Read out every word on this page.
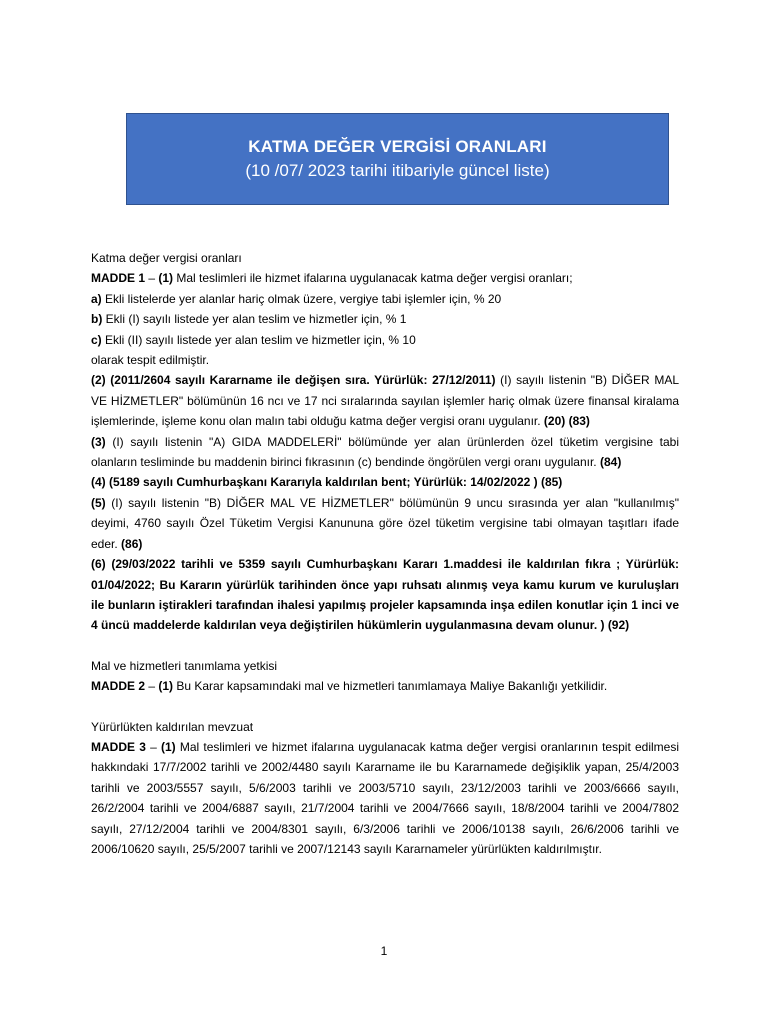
KATMA DEĞER VERGİSİ ORANLARI
(10 /07/ 2023 tarihi itibariyle güncel liste)

Katma değer vergisi oranları

MADDE 1 – (1) Mal teslimleri ile hizmet ifalarına uygulanacak katma değer vergisi oranları;

a) Ekli listelerde yer alanlar hariç olmak üzere, vergiye tabi işlemler için, % 20

b) Ekli (I) sayılı listede yer alan teslim ve hizmetler için, % 1

c) Ekli (II) sayılı listede yer alan teslim ve hizmetler için, % 10

olarak tespit edilmiştir.

(2) (2011/2604 sayılı Kararname ile değişen sıra. Yürürlük: 27/12/2011) (I) sayılı listenin "B) DİĞER MAL VE HİZMETLER" bölümünün 16 ncı ve 17 nci sıralarında sayılan işlemler hariç olmak üzere finansal kiralama işlemlerinde, işleme konu olan malın tabi olduğu katma değer vergisi oranı uygulanır. (20) (83)

(3) (I) sayılı listenin "A) GIDA MADDELERİ" bölümünde yer alan ürünlerden özel tüketim vergisine tabi olanların tesliminde bu maddenin birinci fıkrasının (c) bendinde öngörülen vergi oranı uygulanır. (84)

(4) (5189 sayılı Cumhurbaşkanı Kararıyla kaldırılan bent; Yürürlük: 14/02/2022 ) (85)

(5) (I) sayılı listenin "B) DİĞER MAL VE HİZMETLER" bölümünün 9 uncu sırasında yer alan "kullanılmış" deyimi, 4760 sayılı Özel Tüketim Vergisi Kanununa göre özel tüketim vergisine tabi olmayan taşıtları ifade eder. (86)

(6) (29/03/2022 tarihli ve 5359 sayılı Cumhurbaşkanı Kararı 1.maddesi ile kaldırılan fıkra ; Yürürlük: 01/04/2022; Bu Kararın yürürlük tarihinden önce yapı ruhsatı alınmış veya kamu kurum ve kuruluşları ile bunların iştirakleri tarafından ihalesi yapılmış projeler kapsamında inşa edilen konutlar için 1 inci ve 4 üncü maddelerde kaldırılan veya değiştirilen hükümlerin uygulanmasına devam olunur. ) (92)

Mal ve hizmetleri tanımlama yetkisi

MADDE 2 – (1) Bu Karar kapsamındaki mal ve hizmetleri tanımlamaya Maliye Bakanlığı yetkilidir.

Yürürlükten kaldırılan mevzuat

MADDE 3 – (1) Mal teslimleri ve hizmet ifalarına uygulanacak katma değer vergisi oranlarının tespit edilmesi hakkındaki 17/7/2002 tarihli ve 2002/4480 sayılı Kararname ile bu Kararnamede değişiklik yapan, 25/4/2003 tarihli ve 2003/5557 sayılı, 5/6/2003 tarihli ve 2003/5710 sayılı, 23/12/2003 tarihli ve 2003/6666 sayılı, 26/2/2004 tarihli ve 2004/6887 sayılı, 21/7/2004 tarihli ve 2004/7666 sayılı, 18/8/2004 tarihli ve 2004/7802 sayılı, 27/12/2004 tarihli ve 2004/8301 sayılı, 6/3/2006 tarihli ve 2006/10138 sayılı, 26/6/2006 tarihli ve 2006/10620 sayılı, 25/5/2007 tarihli ve 2007/12143 sayılı Kararnameler yürürlükten kaldırılmıştır.

1
